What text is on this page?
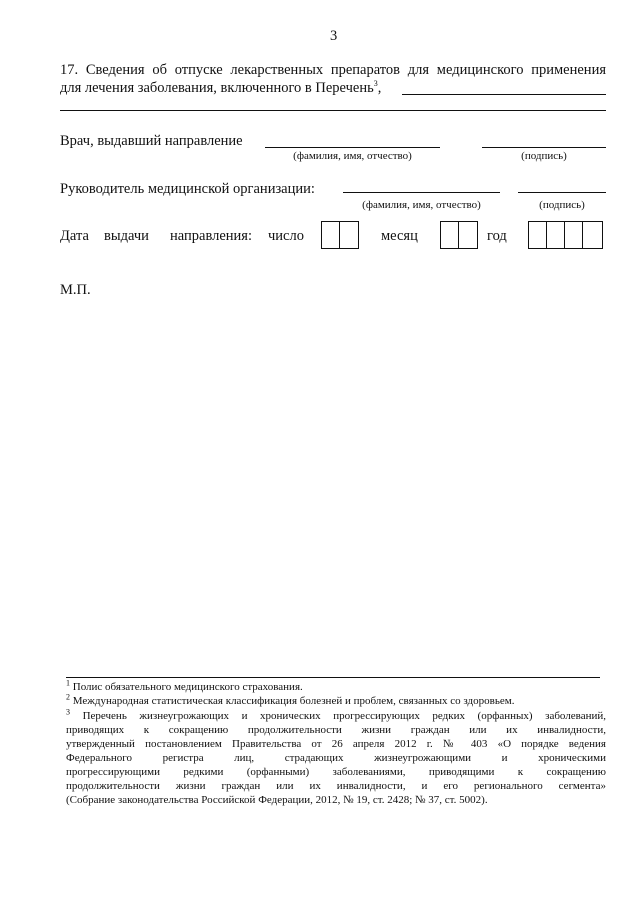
3
17. Сведения об отпуске лекарственных препаратов для медицинского применения
для лечения заболевания, включенного в Перечень$^3$,
Врач, выдавший направление
(фамилия, имя, отчество)	(подпись)
Руководитель медицинской организации:
(фамилия, имя, отчество)	(подпись)
Дата выдачи направления: число	месяц	год
М.П.
$^1$ Полис обязательного медицинского страхования.
$^2$ Международная статистическая классификация болезней и проблем, связанных со здоровьем.
$^3$ Перечень жизнеугрожающих и хронических прогрессирующих редких (орфанных) заболеваний,
приводящих к сокращению продолжительности жизни граждан или их инвалидности,
утвержденный постановлением Правительства от 26 апреля 2012 г. № 403 «О порядке ведения
Федерального регистра лиц, страдающих жизнеугрожающими и хроническими
прогрессирующими редкими (орфанными) заболеваниями, приводящими к сокращению
продолжительности жизни граждан или их инвалидности, и его регионального сегмента»
(Собрание законодательства Российской Федерации, 2012, № 19, ст. 2428; № 37, ст. 5002).
